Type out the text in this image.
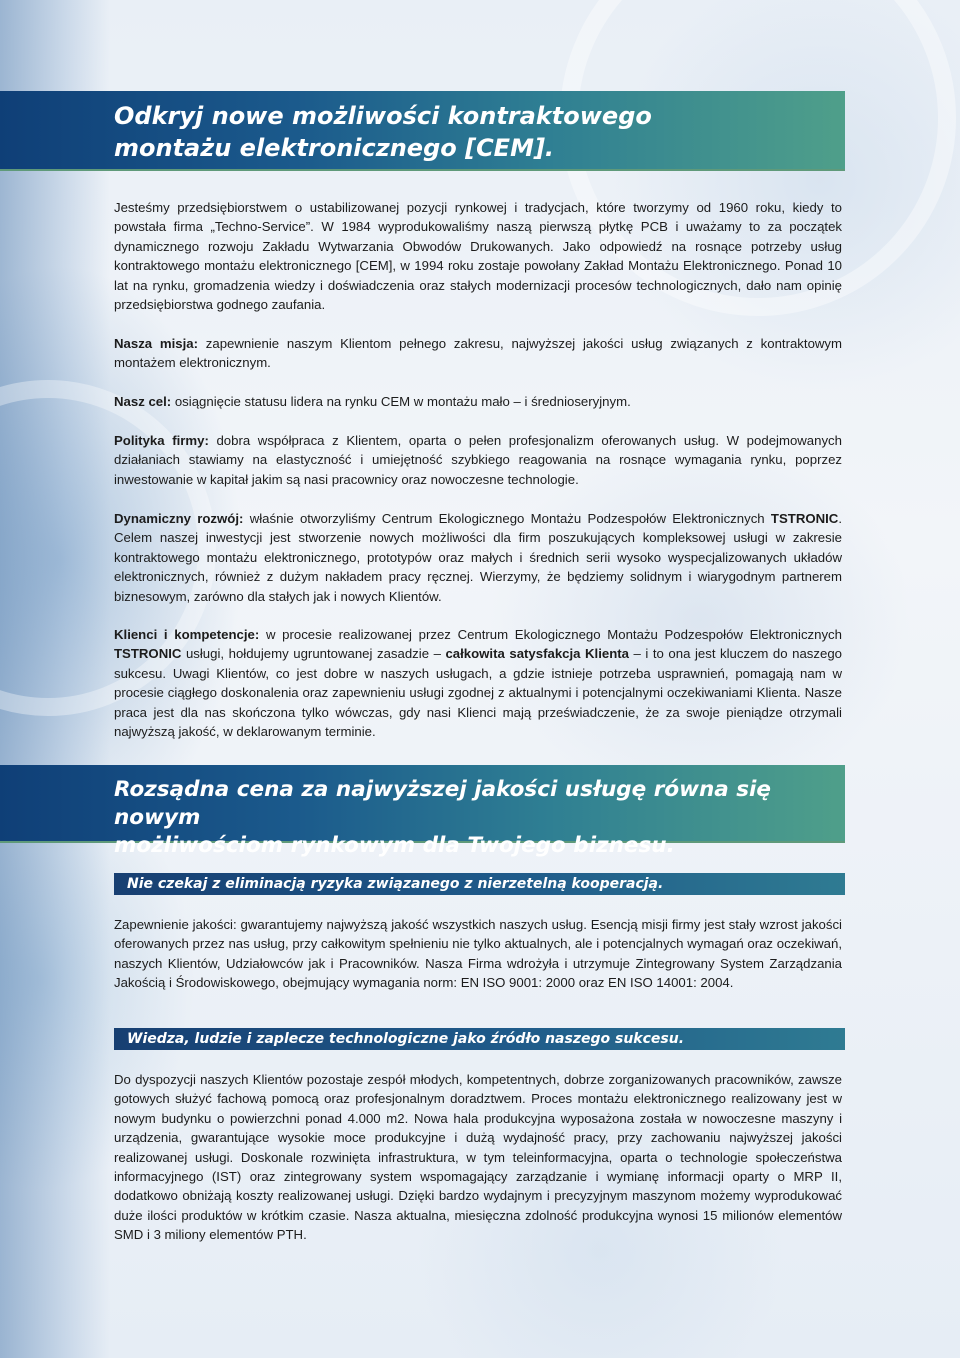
Odkryj nowe możliwości kontraktowego
montażu elektronicznego [CEM].
Jesteśmy przedsiębiorstwem o ustabilizowanej pozycji rynkowej i tradycjach, które tworzymy od 1960 roku, kiedy to powstała firma „Techno-Service”. W 1984 wyprodukowaliśmy naszą pierwszą płytkę PCB i uważamy to za początek dynamicznego rozwoju Zakładu Wytwarzania Obwodów Drukowanych. Jako odpowiedź na rosnące potrzeby usług kontraktowego montażu elektronicznego [CEM], w 1994 roku zostaje powołany Zakład Montażu Elektronicznego. Ponad 10 lat na rynku, gromadzenia wiedzy i doświadczenia oraz stałych modernizacji procesów technologicznych, dało nam opinię przedsiębiorstwa godnego zaufania.
Nasza misja: zapewnienie naszym Klientom pełnego zakresu, najwyższej jakości usług związanych z kontraktowym montażem elektronicznym.
Nasz cel: osiągnięcie statusu lidera na rynku CEM w montażu mało – i średnioseryjnym.
Polityka firmy: dobra współpraca z Klientem, oparta o pełen profesjonalizm oferowanych usług. W podejmowanych działaniach stawiamy na elastyczność i umiejętność szybkiego reagowania na rosnące wymagania rynku, poprzez inwestowanie w kapitał jakim są nasi pracownicy oraz nowoczesne technologie.
Dynamiczny rozwój: właśnie otworzyliśmy Centrum Ekologicznego Montażu Podzespołów Elektronicznych TSTRONIC. Celem naszej inwestycji jest stworzenie nowych możliwości dla firm poszukujących kompleksowej usługi w zakresie kontraktowego montażu elektronicznego, prototypów oraz małych i średnich serii wysoko wyspecjalizowanych układów elektronicznych, również z dużym nakładem pracy ręcznej. Wierzymy, że będziemy solidnym i wiarygodnym partnerem biznesowym, zarówno dla stałych jak i nowych Klientów.
Klienci i kompetencje: w procesie realizowanej przez Centrum Ekologicznego Montażu Podzespołów Elektronicznych TSTRONIC usługi, hołdujemy ugruntowanej zasadzie – całkowita satysfakcja Klienta – i to ona jest kluczem do naszego sukcesu. Uwagi Klientów, co jest dobre w naszych usługach, a gdzie istnieje potrzeba usprawnień, pomagają nam w procesie ciągłego doskonalenia oraz zapewnieniu usługi zgodnej z aktualnymi i potencjalnymi oczekiwaniami Klienta. Nasze praca jest dla nas skończona tylko wówczas, gdy nasi Klienci mają przeświadczenie, że za swoje pieniądze otrzymali najwyższą jakość, w deklarowanym terminie.
Rozsądna cena za najwyższej jakości usługę równa się nowym
możliwościom rynkowym dla Twojego biznesu.
Nie czekaj z eliminacją ryzyka związanego z nierzetelną kooperacją.
Zapewnienie jakości: gwarantujemy najwyższą jakość wszystkich naszych usług. Esencją misji firmy jest stały wzrost jakości oferowanych przez nas usług, przy całkowitym spełnieniu nie tylko aktualnych, ale i potencjalnych wymagań oraz oczekiwań, naszych Klientów, Udziałowców jak i Pracowników. Nasza Firma wdrożyła i utrzymuje Zintegrowany System Zarządzania Jakością i Środowiskowego, obejmujący wymagania norm: EN ISO 9001: 2000 oraz EN ISO 14001: 2004.
Wiedza, ludzie i zaplecze technologiczne jako źródło naszego sukcesu.
Do dyspozycji naszych Klientów pozostaje zespół młodych, kompetentnych, dobrze zorganizowanych pracowników, zawsze gotowych służyć fachową pomocą oraz profesjonalnym doradztwem. Proces montażu elektronicznego realizowany jest w nowym budynku o powierzchni ponad 4.000 m2. Nowa hala produkcyjna wyposażona została w nowoczesne maszyny i urządzenia, gwarantujące wysokie moce produkcyjne i dużą wydajność pracy, przy zachowaniu najwyższej jakości realizowanej usługi. Doskonale rozwinięta infrastruktura, w tym teleinformacyjna, oparta o technologie społeczeństwa informacyjnego (IST) oraz zintegrowany system wspomagający zarządzanie i wymianę informacji oparty o MRP II, dodatkowo obniżają koszty realizowanej usługi. Dzięki bardzo wydajnym i precyzyjnym maszynom możemy wyprodukować duże ilości produktów w krótkim czasie. Nasza aktualna, miesięczna zdolność produkcyjna wynosi 15 milionów elementów SMD i 3 miliony elementów PTH.
